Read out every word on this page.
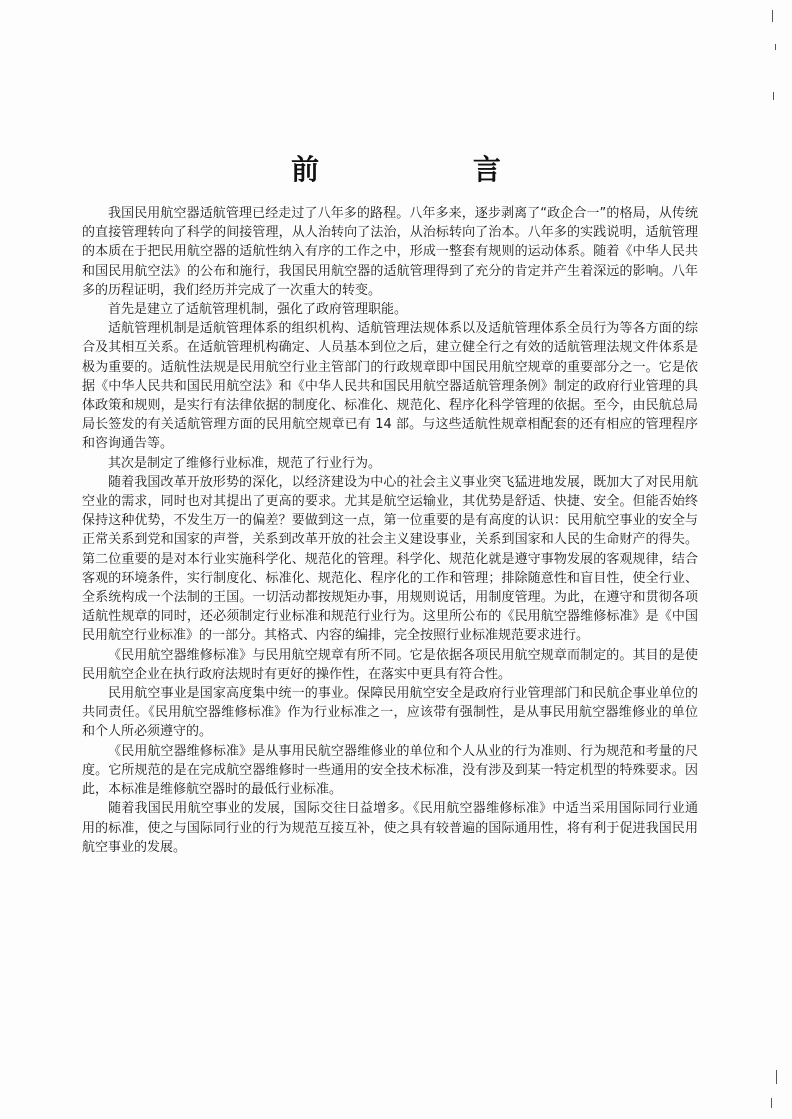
前 言

我国民用航空器适航管理已经走过了八年多的路程。八年多来，逐步剥离了“政企合一”的格局，从传统的直接管理转向了科学的间接管理，从人治转向了法治，从治标转向了治本。八年多的实践说明，适航管理的本质在于把民用航空器的适航性纳入有序的工作之中，形成一整套有规则的运动体系。随着《中华人民共和国民用航空法》的公布和施行，我国民用航空器的适航管理得到了充分的肯定并产生着深远的影响。八年多的历程证明，我们经历并完成了一次重大的转变。

首先是建立了适航管理机制，强化了政府管理职能。

适航管理机制是适航管理体系的组织机构、适航管理法规体系以及适航管理体系全员行为等各方面的综合及其相互关系。在适航管理机构确定、人员基本到位之后，建立健全行之有效的适航管理法规文件体系是极为重要的。适航性法规是民用航空行业主管部门的行政规章即中国民用航空规章的重要部分之一。它是依据《中华人民共和国民用航空法》和《中华人民共和国民用航空器适航管理条例》制定的政府行业管理的具体政策和规则，是实行有法律依据的制度化、标准化、规范化、程序化科学管理的依据。至今，由民航总局局长签发的有关适航管理方面的民用航空规章已有 14 部。与这些适航性规章相配套的还有相应的管理程序和咨询通告等。

其次是制定了维修行业标准，规范了行业行为。

随着我国改革开放形势的深化，以经济建设为中心的社会主义事业突飞猛进地发展，既加大了对民用航空业的需求，同时也对其提出了更高的要求。尤其是航空运输业，其优势是舒适、快捷、安全。但能否始终保持这种优势，不发生万一的偏差？要做到这一点，第一位重要的是有高度的认识：民用航空事业的安全与正常关系到党和国家的声誉，关系到改革开放的社会主义建设事业，关系到国家和人民的生命财产的得失。第二位重要的是对本行业实施科学化、规范化的管理。科学化、规范化就是遵守事物发展的客观规律，结合客观的环境条件，实行制度化、标准化、规范化、程序化的工作和管理；排除随意性和盲目性，使全行业、全系统构成一个法制的王国。一切活动都按规矩办事，用规则说话，用制度管理。为此，在遵守和贯彻各项适航性规章的同时，还必须制定行业标准和规范行业行为。这里所公布的《民用航空器维修标准》是《中国民用航空行业标准》的一部分。其格式、内容的编排，完全按照行业标准规范要求进行。

《民用航空器维修标准》与民用航空规章有所不同。它是依据各项民用航空规章而制定的。其目的是使民用航空企业在执行政府法规时有更好的操作性，在落实中更具有符合性。

民用航空事业是国家高度集中统一的事业。保障民用航空安全是政府行业管理部门和民航企事业单位的共同责任。《民用航空器维修标准》作为行业标准之一，应该带有强制性，是从事民用航空器维修业的单位和个人所必须遵守的。

《民用航空器维修标准》是从事用民航空器维修业的单位和个人从业的行为准则、行为规范和考量的尺度。它所规范的是在完成航空器维修时一些通用的安全技术标准，没有涉及到某一特定机型的特殊要求。因此，本标准是维修航空器时的最低行业标准。

随着我国民用航空事业的发展，国际交往日益增多。《民用航空器维修标准》中适当采用国际同行业通用的标准，使之与国际同行业的行为规范互接互补，使之具有较普遍的国际通用性，将有利于促进我国民用航空事业的发展。
